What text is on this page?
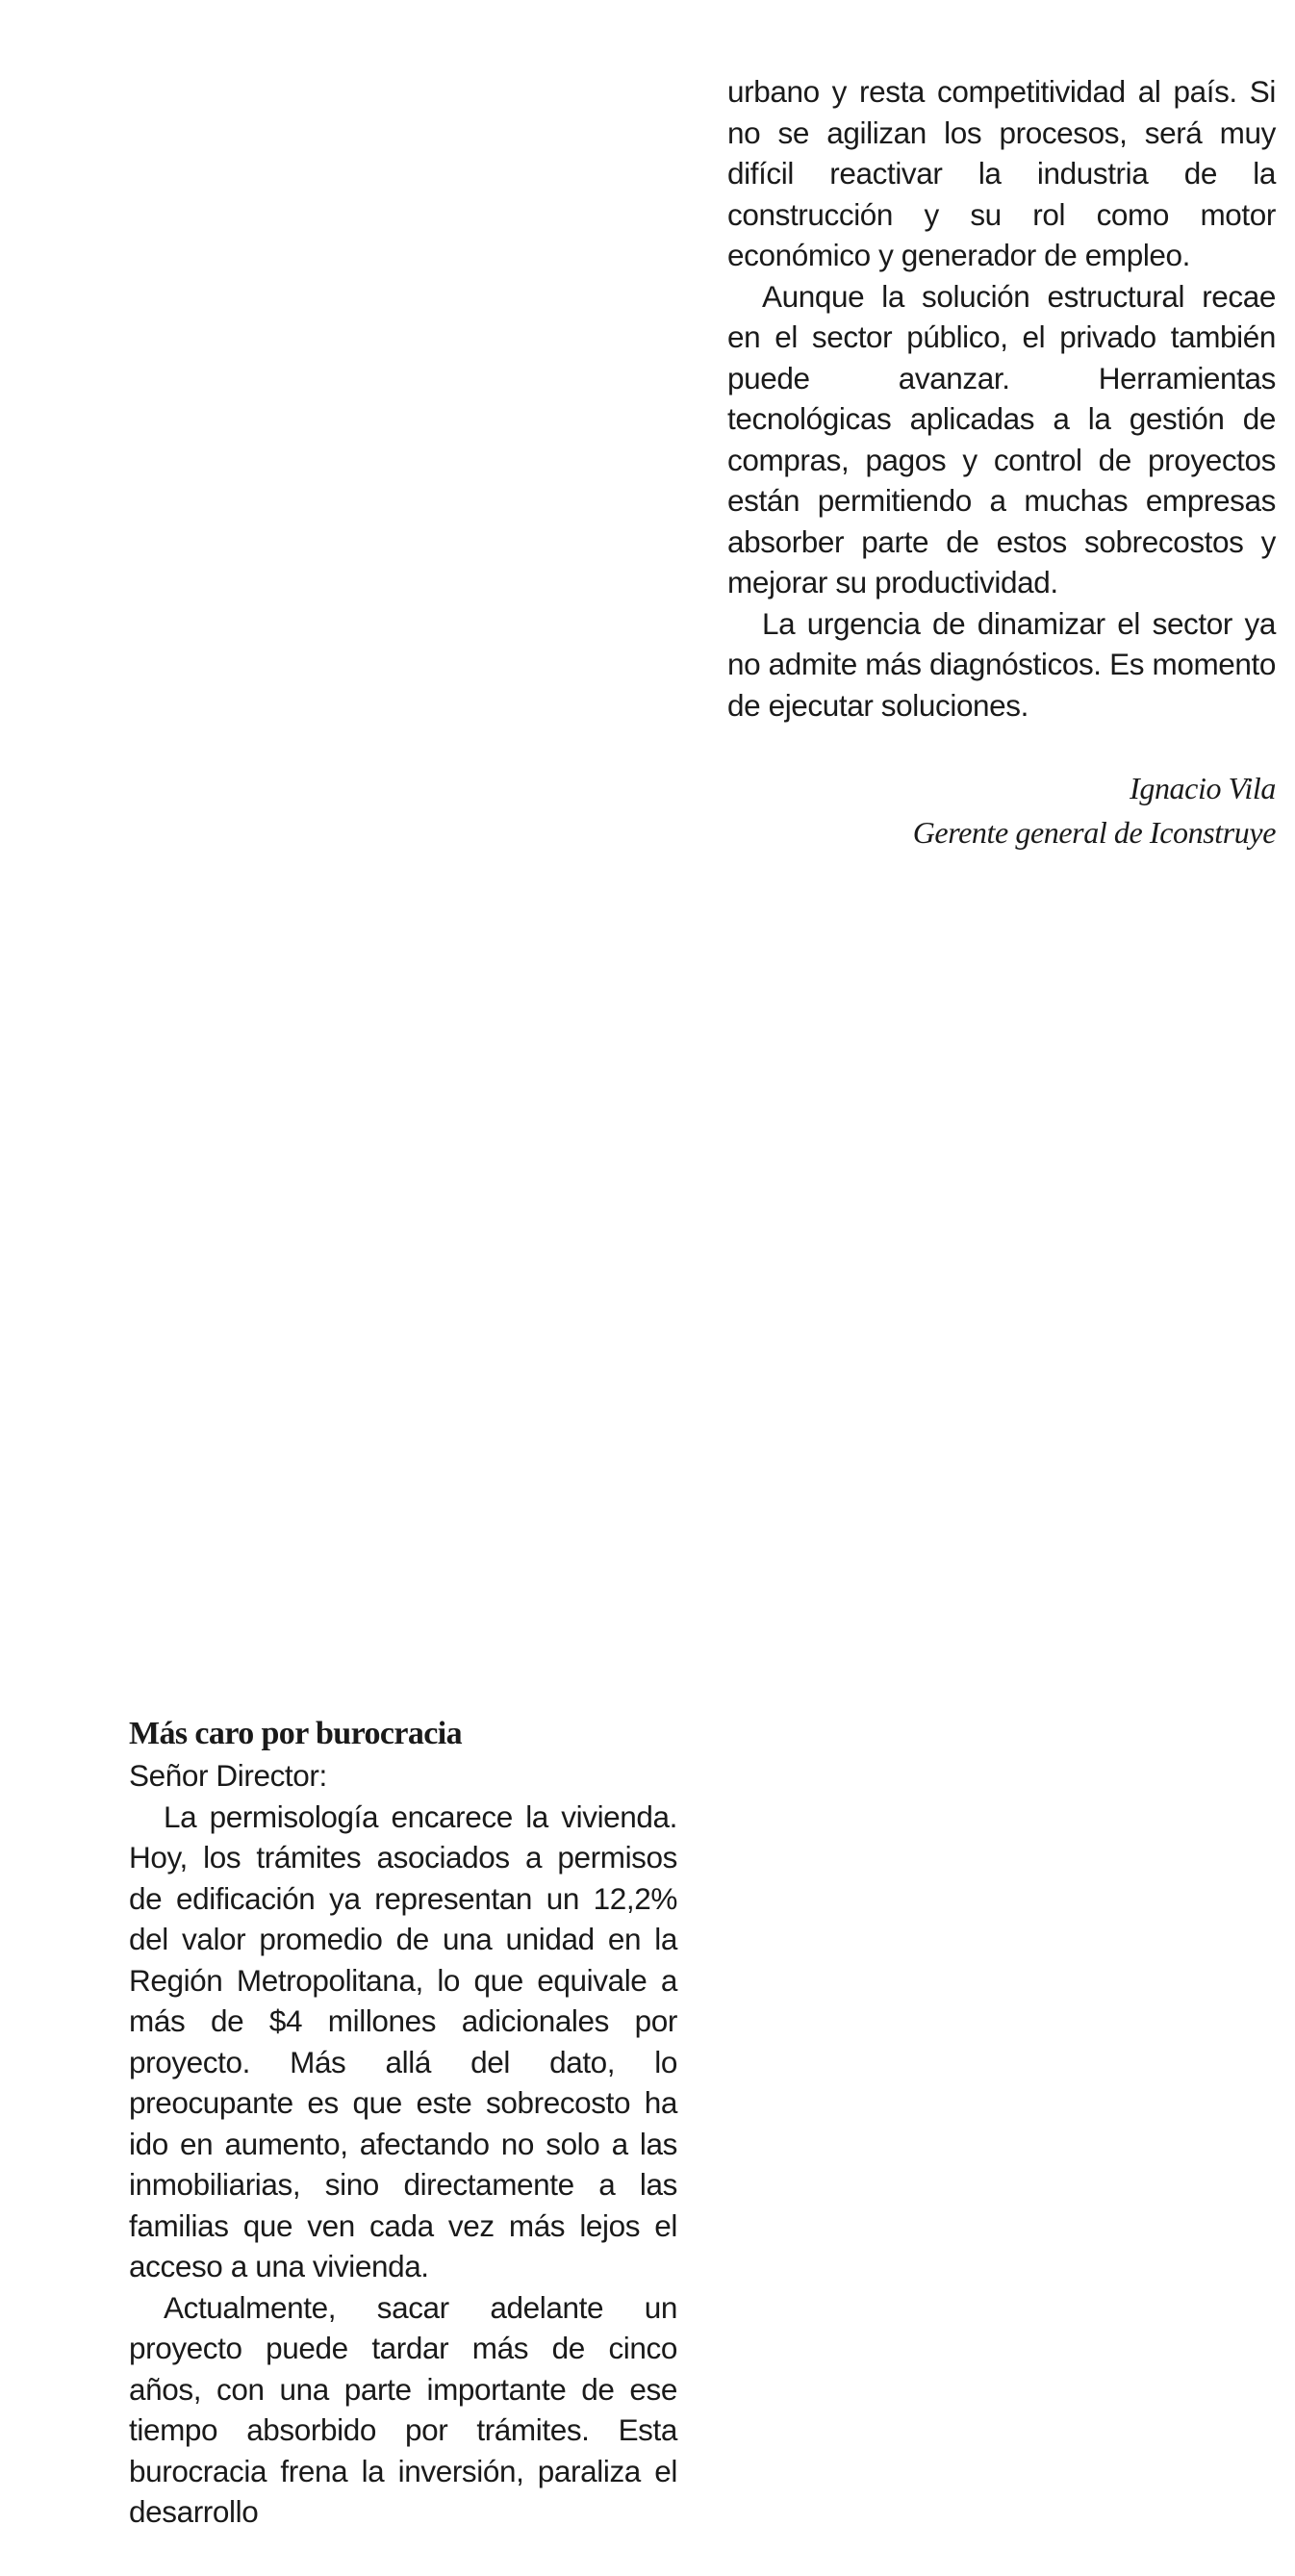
urbano y resta competitividad al país. Si no se agilizan los procesos, será muy difícil reactivar la industria de la construcción y su rol como motor económico y generador de empleo.

Aunque la solución estructural recae en el sector público, el privado también puede avanzar. Herramientas tecnológicas aplicadas a la gestión de compras, pagos y control de proyectos están permitiendo a muchas empresas absorber parte de estos sobrecostos y mejorar su productividad.

La urgencia de dinamizar el sector ya no admite más diagnósticos. Es momento de ejecutar soluciones.

Ignacio Vila
Gerente general de Iconstruye
Más caro por burocracia

Señor Director:

La permisología encarece la vivienda. Hoy, los trámites asociados a permisos de edificación ya representan un 12,2% del valor promedio de una unidad en la Región Metropolitana, lo que equivale a más de $4 millones adicionales por proyecto. Más allá del dato, lo preocupante es que este sobrecosto ha ido en aumento, afectando no solo a las inmobiliarias, sino directamente a las familias que ven cada vez más lejos el acceso a una vivienda.

Actualmente, sacar adelante un proyecto puede tardar más de cinco años, con una parte importante de ese tiempo absorbido por trámites. Esta burocracia frena la inversión, paraliza el desarrollo
